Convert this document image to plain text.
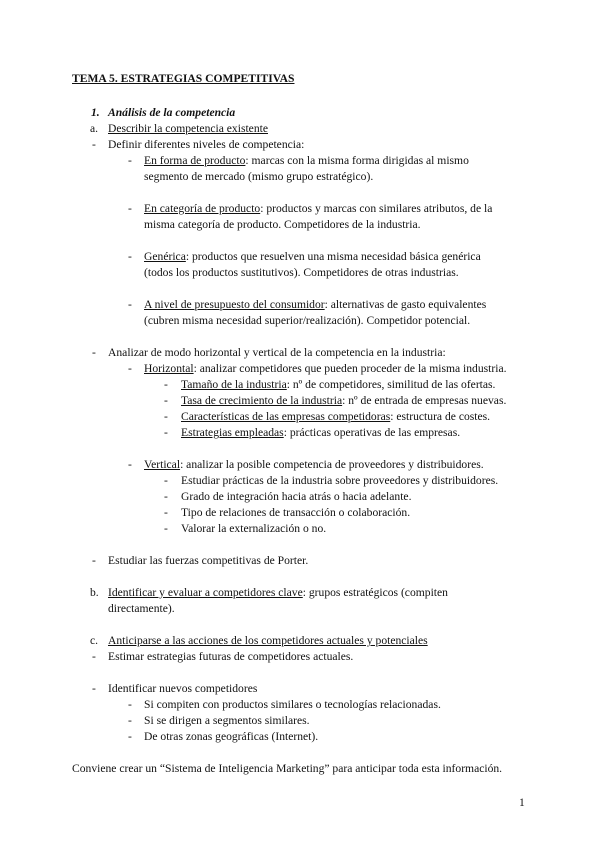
TEMA 5. ESTRATEGIAS COMPETITIVAS
1. Análisis de la competencia
a. Describir la competencia existente
- Definir diferentes niveles de competencia:
- En forma de producto: marcas con la misma forma dirigidas al mismo
segmento de mercado (mismo grupo estratégico).
- En categoría de producto: productos y marcas con similares atributos, de la
misma categoría de producto. Competidores de la industria.
- Genérica: productos que resuelven una misma necesidad básica genérica
(todos los productos sustitutivos). Competidores de otras industrias.
- A nivel de presupuesto del consumidor: alternativas de gasto equivalentes
(cubren misma necesidad superior/realización). Competidor potencial.
- Analizar de modo horizontal y vertical de la competencia en la industria:
- Horizontal: analizar competidores que pueden proceder de la misma industria.
- Tamaño de la industria: nº de competidores, similitud de las ofertas.
- Tasa de crecimiento de la industria: nº de entrada de empresas nuevas.
- Características de las empresas competidoras: estructura de costes.
- Estrategias empleadas: prácticas operativas de las empresas.
- Vertical: analizar la posible competencia de proveedores y distribuidores.
- Estudiar prácticas de la industria sobre proveedores y distribuidores.
- Grado de integración hacia atrás o hacia adelante.
- Tipo de relaciones de transacción o colaboración.
- Valorar la externalización o no.
- Estudiar las fuerzas competitivas de Porter.
b. Identificar y evaluar a competidores clave: grupos estratégicos (compiten
directamente).
c. Anticiparse a las acciones de los competidores actuales y potenciales
- Estimar estrategias futuras de competidores actuales.
- Identificar nuevos competidores
- Si compiten con productos similares o tecnologías relacionadas.
- Si se dirigen a segmentos similares.
- De otras zonas geográficas (Internet).
Conviene crear un “Sistema de Inteligencia Marketing” para anticipar toda esta información.
1
